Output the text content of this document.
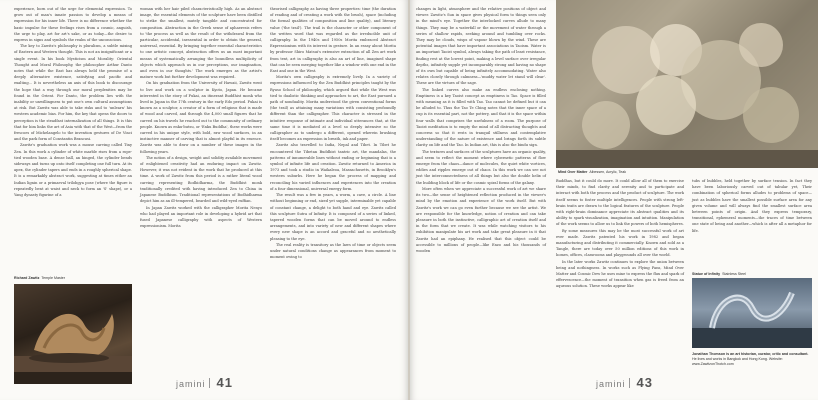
experience, born out of the urge for elemental expression. To grow out of man's innate passion to develop a means of expression for his inner life. There is no difference whether the basic impulse for these feelings rises from a cosmic, anguish, the urge to play, art for art's sake, or as today—the desire to express in signs and symbols the realm of the unconscious.

The key to Zawitz's philosophy is pluralism, a subtle mixing of Eastern and Western thought. This is not an insignificant or a single event. In his book Mysticism and Morality: Oriental Thought and Moral Philosophy, the philosopher Arthur Danto notes that while the East has always held the promise of a deeply alternative existence, satisfying and pacific and exalting... It is nevertheless an axis of this book to discourage the hope that a way through our moral perplexities may be found in the Orient. For Danto, the problem lies with the inability or unwillingness to put one's own cultural assumptions at risk. But Zawitz was able to take risks and to 'unlearn' his western academic bias. For him, the key that opens the doors to perception is the steadfast internalization of all things. It is this that for him links the art of Asia with that of the West—from the frescoes of Michelangelo to the invention gestures of De Vinci and the park form of Constantin Brancusi.

Zawitz's graduation work was a mouse carving called Tiny Zen. In this work a cylinder of white marble rises from a rope-tied wooden base. A dense ball, an hinged, the cylinder bends sideways and turns up onto itself completing one full turn. At its apex, the cylinder tapers and ends in a roughly spherical shape. It is a remarkably abstract work, suggesting at times either an Indian lignin or a primaeval trilobgya pose (where the figure is repeatedly bent at waist and neck to form an 'S' shape), or a Yang dynasty figurine of a

Richard Zawitz Temple Master

woman with her hair piled characteristically high. As an abstract image, the essential elements of the sculpture have been distilled to strike the smallest, mutely tangible and concentrated for composition. Abstraction in the Greek sense of aphaeresis refers to 'the process as well as the result of the withdrawal from the particular, accidental, inessential in order to obtain the general, universal, essential. By bringing together essential characteristics to one artistic concept, abstraction offers us an most important means of systematically arranging the boundless multiplicity of objects which approach us in our perceptions, our imagination, and even in our thoughts.' The work emerges as the artist's mature work but further development was required.

On his graduation from the University of Hawaii, Zawitz went to live and work on a sculptor in Kyoto, Japan. He became interested in the story of Fukai, an itinerant Buddhist monk who lived in Japan in the 17th century in the early Edo period. Fukai is known as a sculptor, a creator of a form of religious that is made of wood and carved, and through the 4,000 small figures that he carved on his travels he reached out to the community of ordinary people. Known as enku-butsu, or 'Enku Buddha', these works were carved in his unique style, with bold, raw wood surfaces, in an instinctive manner of carving that is almost playful in its essence. Zawitz was able to draw on a number of these images in the following years.

The notion of a design, weight and solidity available movement of enlightened creativity had an enduring impact on Zawitz. However, it was not evident in the work that he produced at this time. A work of Zawitz from this period is a rather literal wood carving representing Bodhidharma, the Buddhist monk traditionally credited with having introduced Zen to China in Japanese Buddhism. Traditional representations of Bodhidharma depict him as an ill-tempered, bearded and wild-eyed ruffian.

In Japan Zawitz worked with the calligrapher Morita Nenyo who had played an important role in developing a hybrid art that fused Japanese calligraphy with aspects of Western expressionism. Morita

theorised calligraphy as having three properties: time (the duration of reading and of creating a work with the brush), space (including the formal qualities of composition and line quality), and literary value ('the trail'). The trail is the character or other component of the written word that was regarded as the irreducible unit of calligraphy. In the 1940s and 1950s Morita embraced Abstract Expressionism with its interest in gesture. In an essay about Morita by professor Shiro Matsui's extensive extraction of all Zen art work from text, art in calligraphy is also an art of line, imagined shape that can be seen merging together like a window with one end in the East and one in the West.

Morita's own calligraphy is extremely lively. In a variety of expressions influenced by the Zen Buddhist principles taught by the Ryuso School of philosophy, which argued that while the West was tied to dualistic thinking and approaches to art, the East pursued a path of nonduality. Morita understood the given conventional forms (the trail) as attaining many variations with consisting profoundly different than the calligrapher. This character is stressed in the intuitive response of intimate and individual utterances that, at the same time it is mediated at a level so deeply intensive so the calligrapher as to undergo a different, opened wherein brushing itself becomes an expression in breath, ink and paper.

Zawitz also travelled to India, Nepal and Tibet. In Tibet he encountered the Tibetan Buddhist tantric art, the mandalas, the patterns of innumerable lines without ending or beginning that is a symbol of infinite life and creation. Zawitz returned to America in 1973 and took a studio in Waikaleoa, Massachusetts, in Brooklyn's western suburbs. Here he began the process of mapping and reconciling his varied influences and experiences into the creation of a four dimensional, universal energy form.

The result was a few in years, a worm, a cave, a circle. A line without beginning or end, sized yet supple, interminable yet capable of constant change, a delight to both hand and eye. Zawitz called this sculpture Sutra of Infinity. It is composed of a series of linked, tapered wooden forms that can be moved around to endless arrangements, and into variety of new and different shapes where every new shape is an accord and graceful and so aesthetically pleasing to the eye.

The real reality is transitory as the laws of time or objects seem under natural conditions change as appearances from moment to moment owing to

jamini 41

changes in light, atmosphere and the relative positions of object and viewer. Zawitz's Sun in space gives physical form to things seen only in the mind's eye. Together the interlocked curves allude to many things. They may be a waterfall or the movement of water through a series of shallow rapids, seeking around and tumbling over rocks. They may be clouds, wisps of vapour blown by the wind. These are potential images that have important associations in Taoism. Water is an important Taoist symbol, always taking the path of least resistance, finding rest at the lowest point, making a level surface over irregular depths, infinitely supple yet incomparably strong and having no shape of its own but capable of being infinitely accommodating. Water also relates closely through calmness—'muddy water let stand will clear'. These are the virtues of the sage.

The linked curves also make an endless enclosing nothing. Emptiness is a key Taoist concept as emptiness is Tao. Space is filled with meaning as it is filled with Tao. Tao cannot be defined but it can be alluded to. Thus the Tao Te Ching notes that the inner space of a cup is its essential part, not the pottery, and that it is the space within four walls that comprises the usefulness of a room. The purpose of Taoist meditation is to empty the mind of all distracting thoughts and concerns so that it rests in tranquil stillness and contemplative understanding of the nature of existence and brings forth its subtle clarity on life and the Tao. In Indian art, this is also the bindu sign.

The textures and surfaces of the sculptures have an organic quality, and seem to reflect the moment where cybernetic patterns of flow emerge from the chaos—dance of molecules, the quiet white vortices, eddies and ripples emerge out of chaos. In this work we can see not just the interconnectedness of all things but also the double helix of the building block of life or the cosmic spiral forms of the galaxy.

More often when we appreciate a successful work of art we share its two—the sense of heightened reflection produced in the viewer's mind by the emotion and experience of the work itself. But with Zawitz's work we can go even further because we see the artist. We are responsible for the knowledge, notion of creation and can take pleasure in both the instinctive, calligraphic art of creation itself and in the form that we create. It was while watching visitors to his exhibition manipulate his art work and take great pleasure in it that Zawitz had an epiphany. He realised that this object could be accessible to millions of people—like Enzo and his thousands of wooden

Mind Over Matter Albessen, Acrylic, Teak

Buddhas, but it could do more. It could allow all of them to exercise their minds, to find clarity and serenity and to participate and interact with both the process and the product of sculpture. The work itself seems to foster multiple intelligences. People with strong left-brain traits are drawn to the logical features of the sculpture. People with right-brain dominance appreciate its abstract qualities and its ability to spark visualization, imagination and intuition. Manipulation of the work seems to allow us to link the powers of both hemispheres.

By some measures this may be the most successful work of art ever made. Zawitz patented his work in 1982 and began manufacturing and distributing it commercially. Known and sold as a Tangle, there are today over 50 million editions of this work in homes, offices, classrooms and playgrounds all over the world.

In the later works Zawitz continues to explore the union between being and nothingness. In works such as Flying Fans, Mind Over Matter and Cosmic Dew he uses mine to express the flux and spark of effervescence—the moment of transition when gas is freed from an aqueous solution. These works appear like

tubs of bubbles, held together by surface tension. In fact they have been laboriously carved out of tabular yet, Their combination of spherical forms alludes to problems of space—just as bubbles have the smallest possible surface area for any given volume and will always find the smallest surface area between points of origin. And they express temporary, transitional, ephemeral moments—the traces of time between one state of being and another—which is after all a metaphor for life.

Statue of Infinity Stainless Steel
Jonathan Thomson is an art historian, curator, critic and consultant. He lives and works in Bangkok and Hong Kong. Website: www.ZawitzonThotch.com
jamini 43
